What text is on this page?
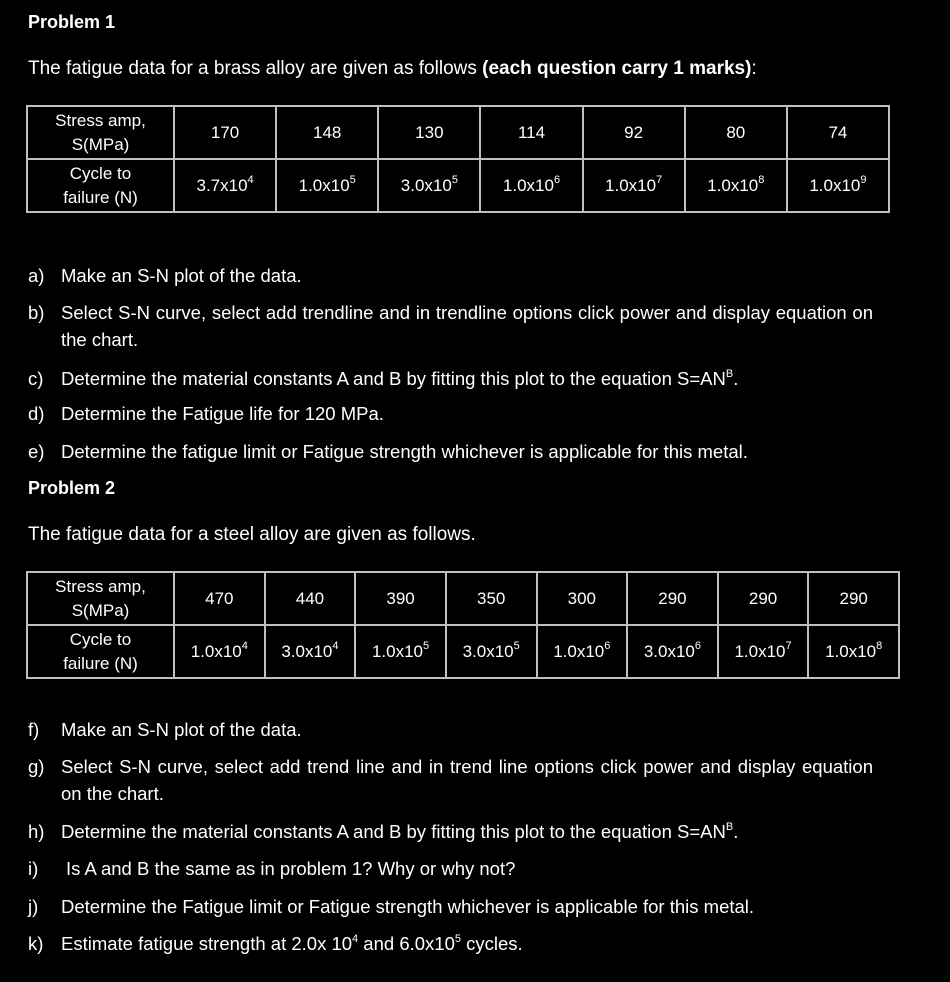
Problem 1
The fatigue data for a brass alloy are given as follows (each question carry 1 marks):
Stress amp,
S(MPa)	170	148	130	114	92	80	74
Cycle to
failure (N)	$3.7x10^4$	$1.0x10^5$	$3.0x10^5$	$1.0x10^6$	$1.0x10^7$	$1.0x10^8$	$1.0x10^9$
a) Make an S-N plot of the data.
b) Select S-N curve, select add trendline and in trendline options click power and display equation on the chart.
c) Determine the material constants A and B by fitting this plot to the equation $S=AN^B$.
d) Determine the Fatigue life for 120 MPa.
e) Determine the fatigue limit or Fatigue strength whichever is applicable for this metal.
Problem 2
The fatigue data for a steel alloy are given as follows.
Stress amp,
S(MPa)	470	440	390	350	300	290	290	290
Cycle to
failure (N)	$1.0x10^4$	$3.0x10^4$	$1.0x10^5$	$3.0x10^5$	$1.0x10^6$	$3.0x10^6$	$1.0x10^7$	$1.0x10^8$
f) Make an S-N plot of the data.
g) Select S-N curve, select add trend line and in trend line options click power and display equation on the chart.
h) Determine the material constants A and B by fitting this plot to the equation $S=AN^B$.
i) Is A and B the same as in problem 1? Why or why not?
j) Determine the Fatigue limit or Fatigue strength whichever is applicable for this metal.
k) Estimate fatigue strength at 2.0x $10^4$ and $6.0x10^5$ cycles.
